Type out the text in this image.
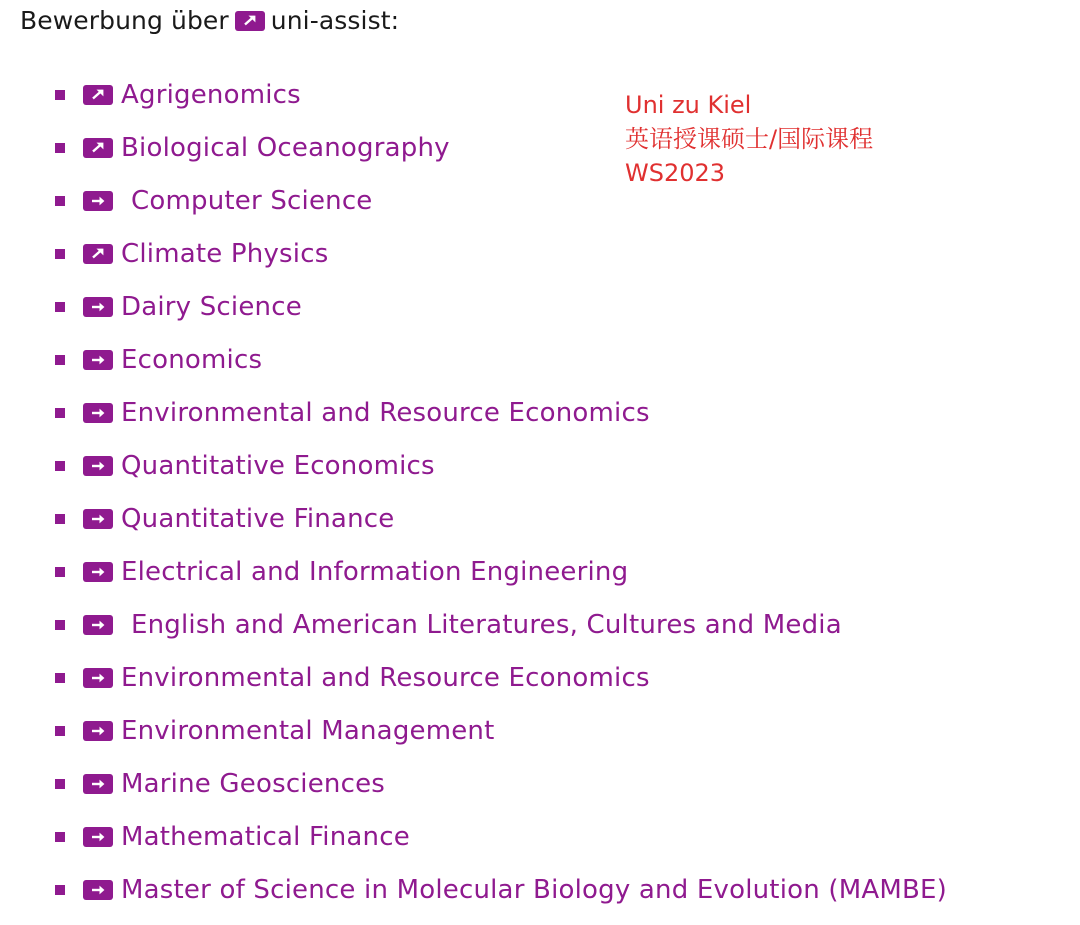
Bewerbung über uni-assist:
Agrigenomics
Biological Oceanography
Computer Science
Climate Physics
Dairy Science
Economics
Environmental and Resource Economics
Quantitative Economics
Quantitative Finance
Electrical and Information Engineering
English and American Literatures, Cultures and Media
Environmental and Resource Economics
Environmental Management
Marine Geosciences
Mathematical Finance
Master of Science in Molecular Biology and Evolution (MAMBE)
Uni zu Kiel
英语授课硕士/国际课程
WS2023
